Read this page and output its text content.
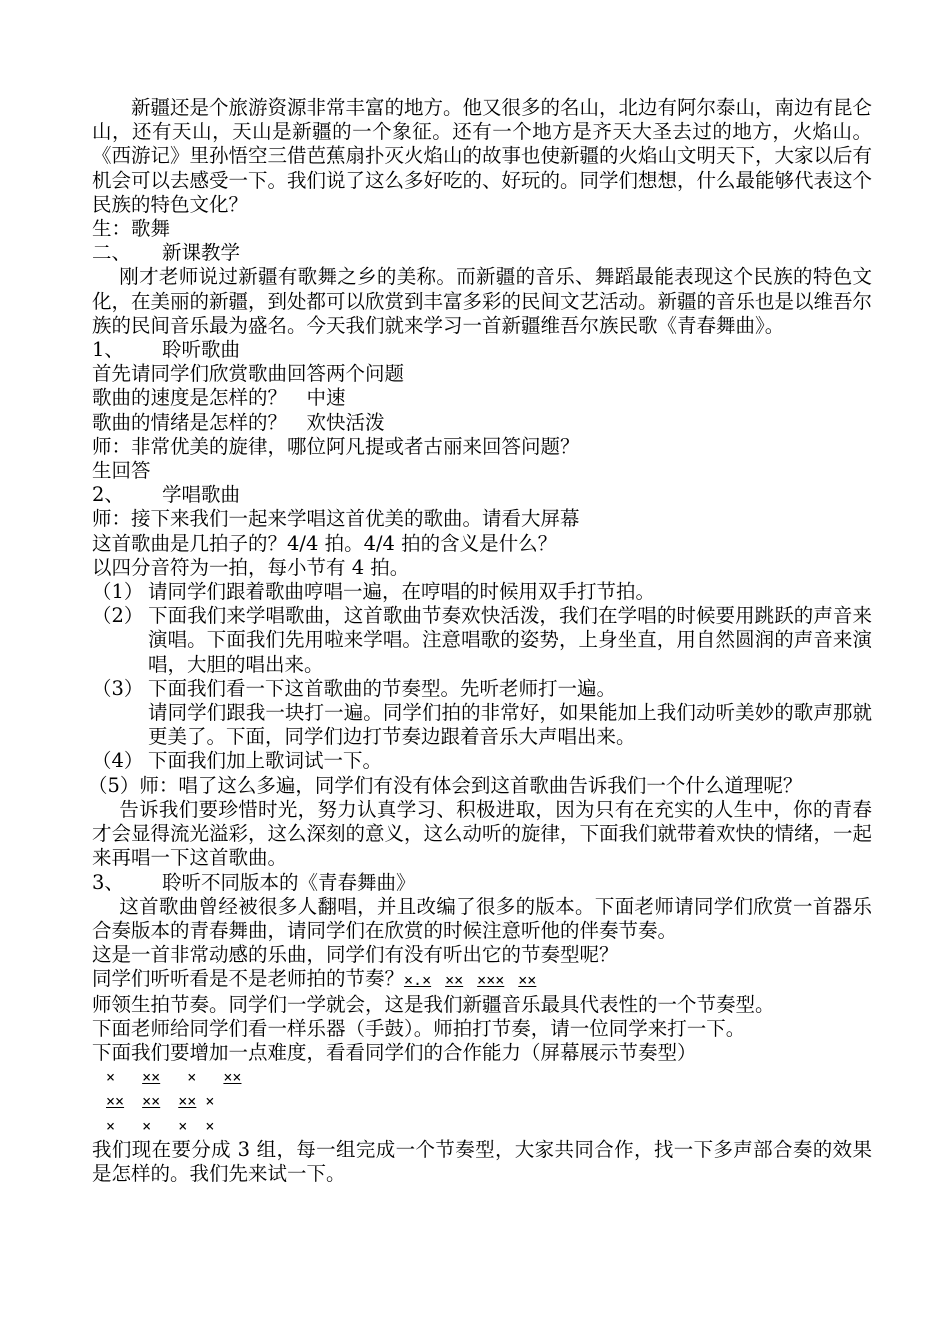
新疆还是个旅游资源非常丰富的地方。他又很多的名山，北边有阿尔泰山，南边有昆仑山，还有天山，天山是新疆的一个象征。还有一个地方是齐天大圣去过的地方，火焰山。《西游记》里孙悟空三借芭蕉扇扑灭火焰山的故事也使新疆的火焰山文明天下，大家以后有机会可以去感受一下。我们说了这么多好吃的、好玩的。同学们想想，什么最能够代表这个民族的特色文化？

生：歌舞

二、 新课教学

刚才老师说过新疆有歌舞之乡的美称。而新疆的音乐、舞蹈最能表现这个民族的特色文化，在美丽的新疆，到处都可以欣赏到丰富多彩的民间文艺活动。新疆的音乐也是以维吾尔族的民间音乐最为盛名。今天我们就来学习一首新疆维吾尔族民歌《青春舞曲》。

1、 聆听歌曲

首先请同学们欣赏歌曲回答两个问题

歌曲的速度是怎样的？　中速

歌曲的情绪是怎样的？　欢快活泼

师：非常优美的旋律，哪位阿凡提或者古丽来回答问题？

生回答

2、 学唱歌曲

师：接下来我们一起来学唱这首优美的歌曲。请看大屏幕

这首歌曲是几拍子的？4/4 拍。4/4 拍的含义是什么？

以四分音符为一拍，每小节有 4 拍。

（1） 请同学们跟着歌曲哼唱一遍，在哼唱的时候用双手打节拍。

（2） 下面我们来学唱歌曲，这首歌曲节奏欢快活泼，我们在学唱的时候要用跳跃的声音来演唱。下面我们先用啦来学唱。注意唱歌的姿势，上身坐直，用自然圆润的声音来演唱，大胆的唱出来。

（3） 下面我们看一下这首歌曲的节奏型。先听老师打一遍。

请同学们跟我一块打一遍。同学们拍的非常好，如果能加上我们动听美妙的歌声那就更美了。下面，同学们边打节奏边跟着音乐大声唱出来。

（4） 下面我们加上歌词试一下。

（5）师：唱了这么多遍，同学们有没有体会到这首歌曲告诉我们一个什么道理呢？

告诉我们要珍惜时光，努力认真学习、积极进取，因为只有在充实的人生中，你的青春才会显得流光溢彩，这么深刻的意义，这么动听的旋律，下面我们就带着欢快的情绪，一起来再唱一下这首歌曲。

3、 聆听不同版本的《青春舞曲》

这首歌曲曾经被很多人翻唱，并且改编了很多的版本。下面老师请同学们欣赏一首器乐合奏版本的青春舞曲，请同学们在欣赏的时候注意听他的伴奏节奏。

这是一首非常动感的乐曲，同学们有没有听出它的节奏型呢？

同学们听听看是不是老师拍的节奏？×.× ×× ××× ××

师领生拍节奏。同学们一学就会，这是我们新疆音乐最具代表性的一个节奏型。

下面老师给同学们看一样乐器（手鼓）。师拍打节奏，请一位同学来打一下。

下面我们要增加一点难度，看看同学们的合作能力（屏幕展示节奏型）

× ×× × ××
×× ×× ×× ×
× × × ×

我们现在要分成 3 组，每一组完成一个节奏型，大家共同合作，找一下多声部合奏的效果是怎样的。我们先来试一下。
